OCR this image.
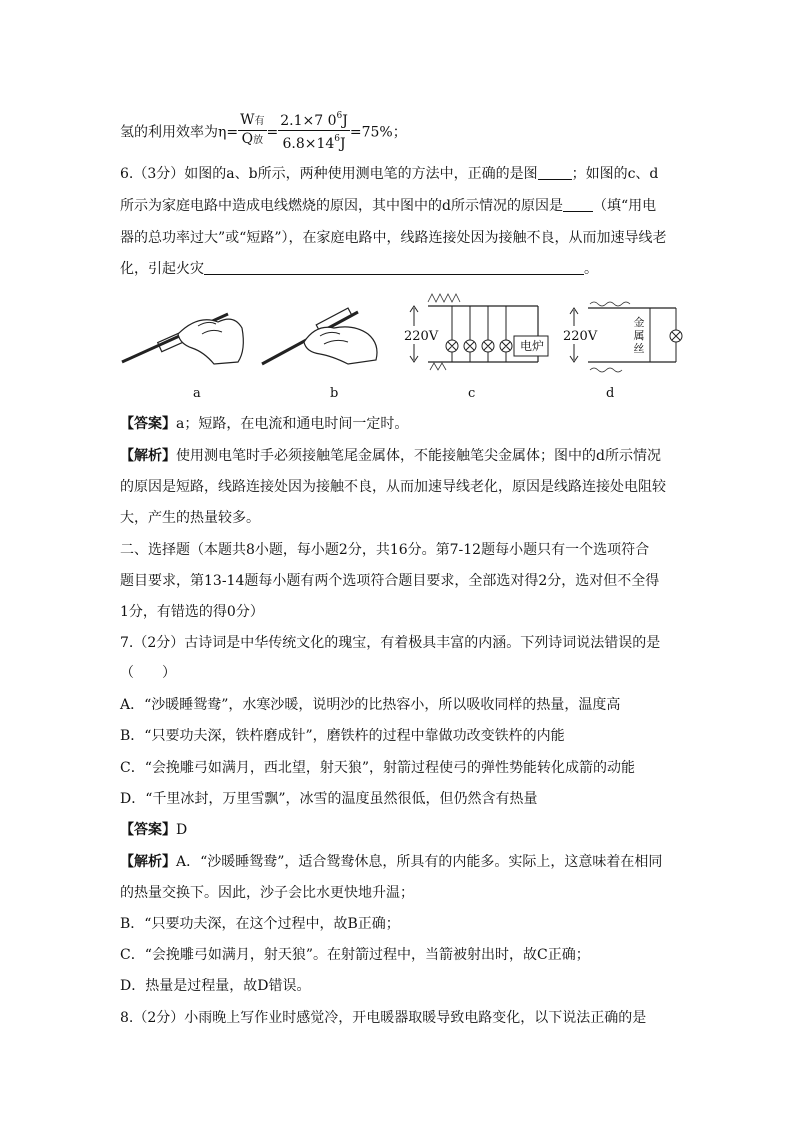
氢的利用效率为$\eta= \frac{\text{W有}}{\text{Q放}} = \frac{2.1\times 7 0^6J}{6.8\times 14^6J} =75\%$；
6.（3分）如图的a、b所示，两种使用测电笔的方法中，正确的是图 ；如图的c、d
所示为家庭电路中造成电线燃烧的原因，其中图中的d所示情况的原因是 （填“用电
器的总功率过大”或“短路”），在家庭电路中，线路连接处因为接触不良，从而加速导线老
化，引起火灾	。
a	b
220V
电炉
c
220V
金
属
丝
d
【答案】a；短路，在电流和通电时间一定时。
【解析】使用测电笔时手必须接触笔尾金属体，不能接触笔尖金属体；图中的d所示情况
的原因是短路，线路连接处因为接触不良，从而加速导线老化，原因是线路连接处电阻较
大，产生的热量较多。
二、选择题（本题共8小题，每小题2分，共16分。第7-12题每小题只有一个选项符合
题目要求，第13-14题每小题有两个选项符合题目要求，全部选对得2分，选对但不全得
1分，有错选的得0分）
7.（2分）古诗词是中华传统文化的瑰宝，有着极具丰富的内涵。下列诗词说法错误的是
（　　）
A．“沙暖睡鸳鸯”，水寒沙暖，说明沙的比热容小，所以吸收同样的热量，温度高
B．“只要功夫深，铁杵磨成针”，磨铁杵的过程中靠做功改变铁杵的内能
C．“会挽雕弓如满月，西北望，射天狼”，射箭过程使弓的弹性势能转化成箭的动能
D．“千里冰封，万里雪飘”，冰雪的温度虽然很低，但仍然含有热量
【答案】D
【解析】A．“沙暖睡鸳鸯”，适合鸳鸯休息，所具有的内能多。实际上，这意味着在相同
的热量交换下。因此，沙子会比水更快地升温；
B．“只要功夫深，在这个过程中，故B正确；
C．“会挽雕弓如满月，射天狼”。在射箭过程中，当箭被射出时，故C正确；
D．热量是过程量，故D错误。
8.（2分）小雨晚上写作业时感觉冷，开电暖器取暖导致电路变化，以下说法正确的是
